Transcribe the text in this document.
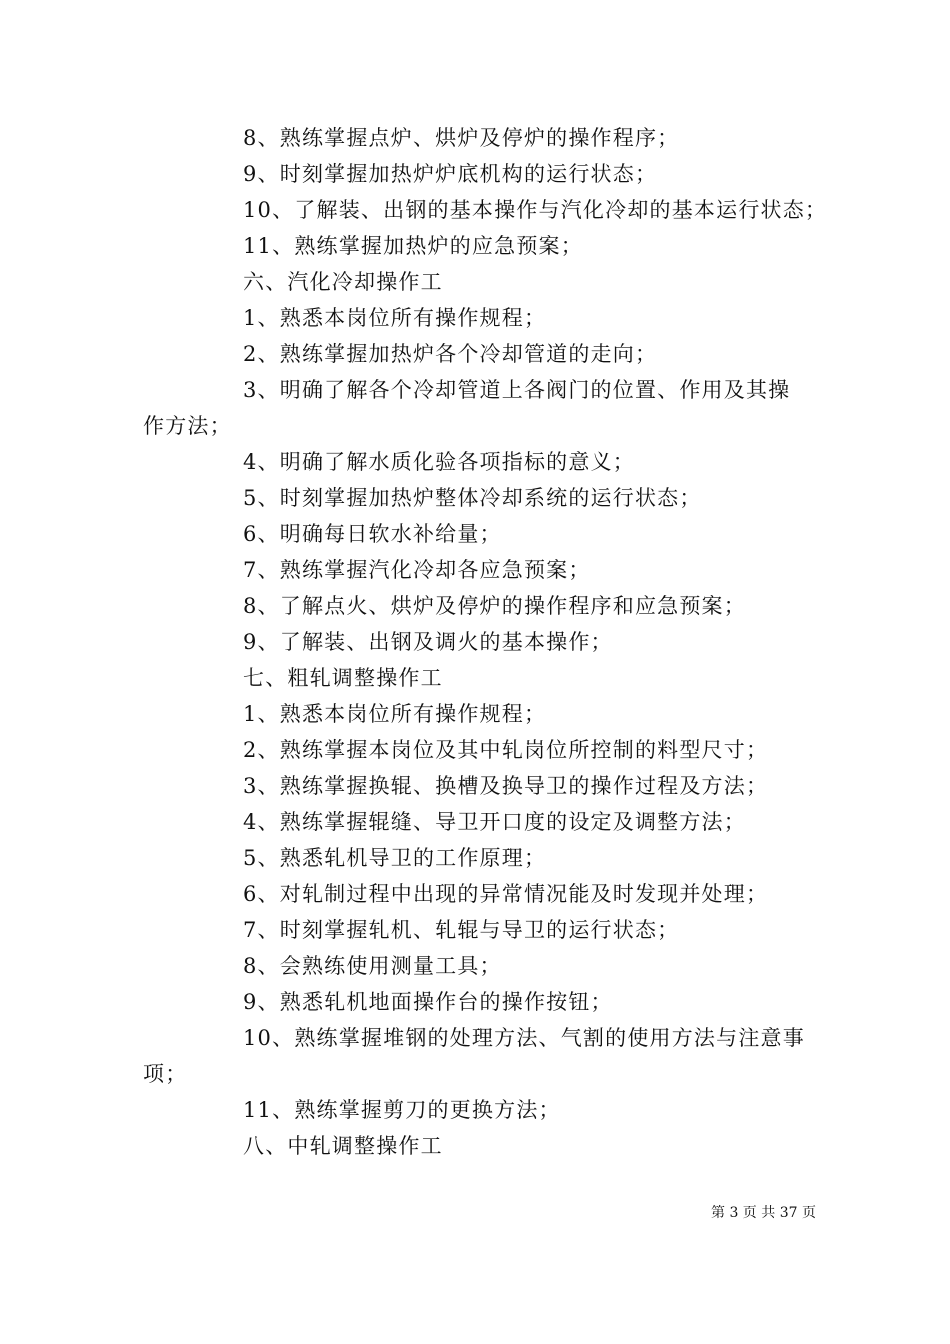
8、熟练掌握点炉、烘炉及停炉的操作程序；
9、时刻掌握加热炉炉底机构的运行状态；
10、了解装、出钢的基本操作与汽化冷却的基本运行状态；
11、熟练掌握加热炉的应急预案；
六、汽化冷却操作工
1、熟悉本岗位所有操作规程；
2、熟练掌握加热炉各个冷却管道的走向；
3、明确了解各个冷却管道上各阀门的位置、作用及其操
作方法；
4、明确了解水质化验各项指标的意义；
5、时刻掌握加热炉整体冷却系统的运行状态；
6、明确每日软水补给量；
7、熟练掌握汽化冷却各应急预案；
8、了解点火、烘炉及停炉的操作程序和应急预案；
9、了解装、出钢及调火的基本操作；
七、粗轧调整操作工
1、熟悉本岗位所有操作规程；
2、熟练掌握本岗位及其中轧岗位所控制的料型尺寸；
3、熟练掌握换辊、换槽及换导卫的操作过程及方法；
4、熟练掌握辊缝、导卫开口度的设定及调整方法；
5、熟悉轧机导卫的工作原理；
6、对轧制过程中出现的异常情况能及时发现并处理；
7、时刻掌握轧机、轧辊与导卫的运行状态；
8、会熟练使用测量工具；
9、熟悉轧机地面操作台的操作按钮；
10、熟练掌握堆钢的处理方法、气割的使用方法与注意事
项；
11、熟练掌握剪刀的更换方法；
八、中轧调整操作工
第 3 页 共 37 页
